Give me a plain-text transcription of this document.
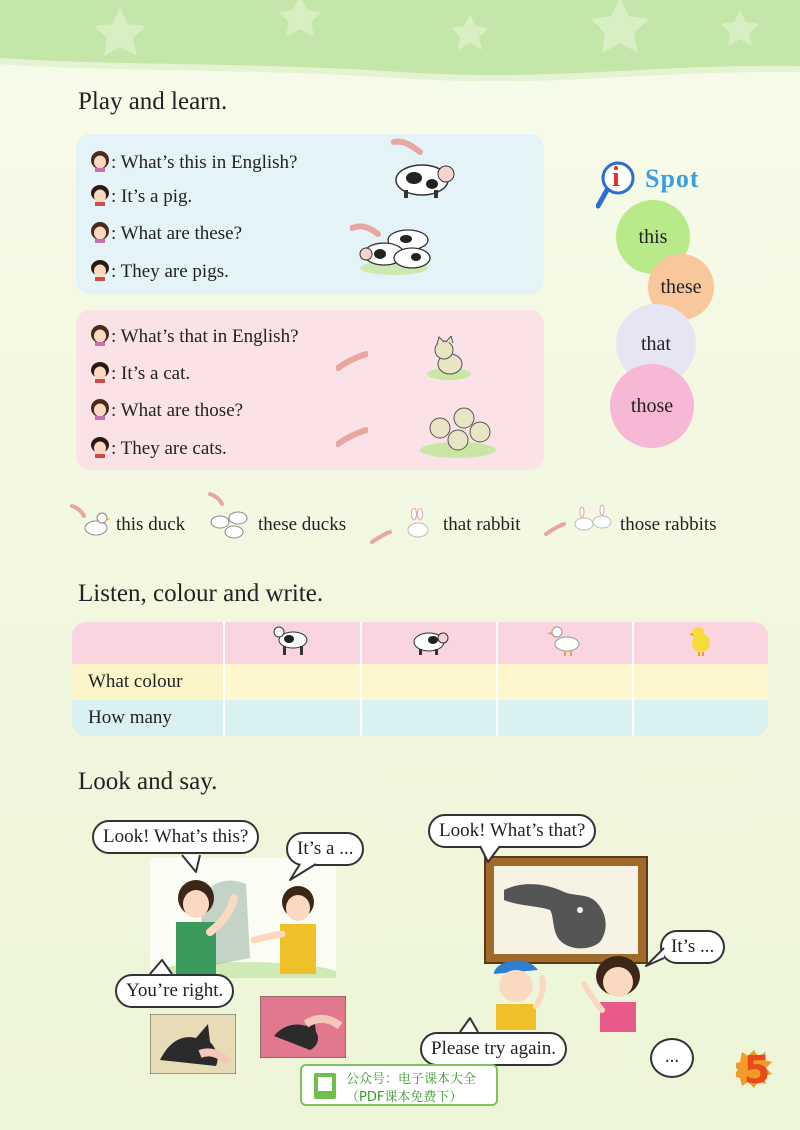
Play and learn.
: What’s this in English?
: It’s a pig.
: What are these?
: They are pigs.
: What’s that in English?
: It’s a cat.
: What are those?
: They are cats.
i Spot
this
these
that
those
this duck	these ducks	that rabbit	those rabbits
Listen, colour and write.

What colour				
How many				
Look and say.
Look! What’s this?
It’s a ...
You’re right.
Look! What’s that?
It’s ...
Please try again.	...
公众号：电子课本大全
（PDF课本免费下）
5
